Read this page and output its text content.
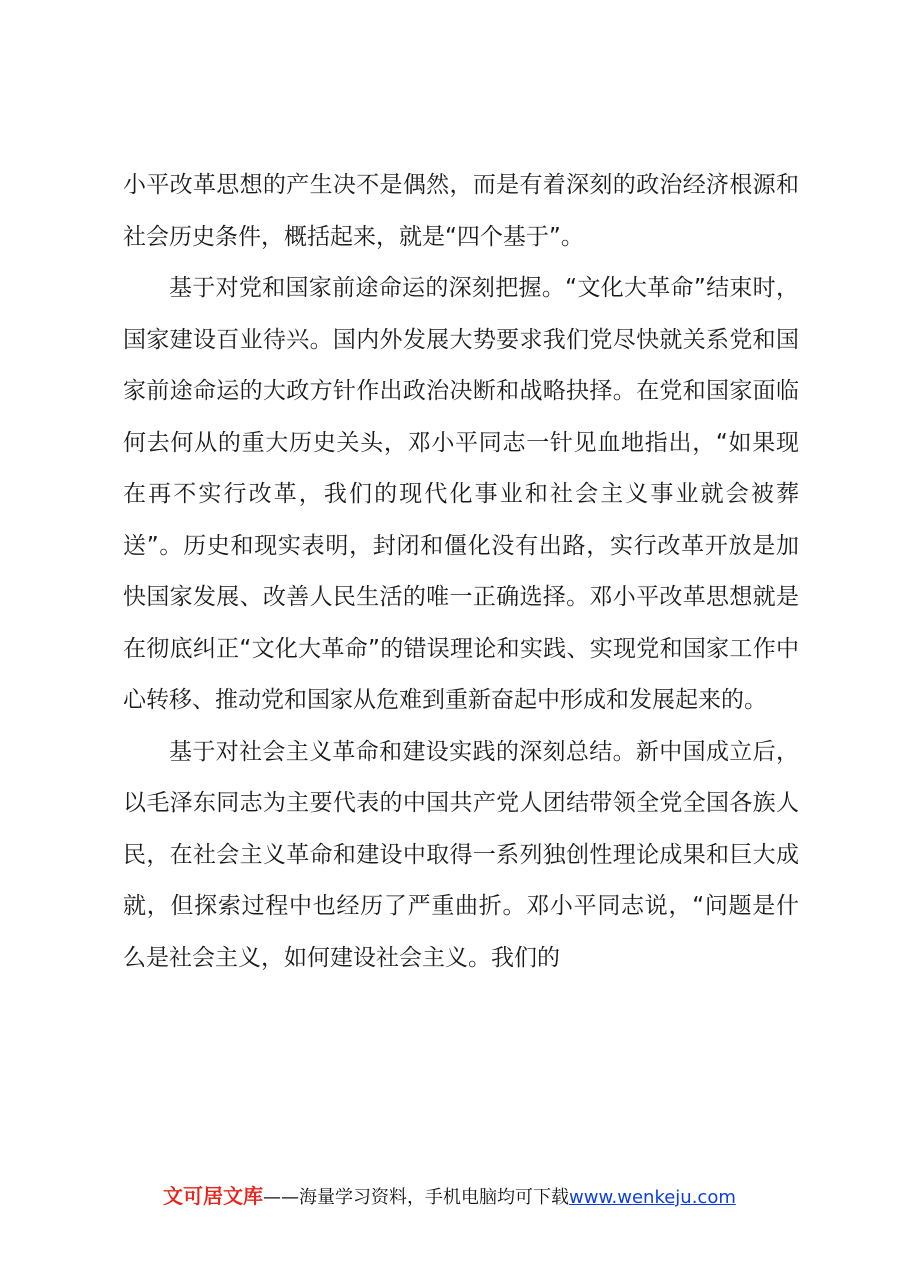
小平改革思想的产生决不是偶然，而是有着深刻的政治经济根源和社会历史条件，概括起来，就是“四个基于”。

基于对党和国家前途命运的深刻把握。“文化大革命”结束时，国家建设百业待兴。国内外发展大势要求我们党尽快就关系党和国家前途命运的大政方针作出政治决断和战略抉择。在党和国家面临何去何从的重大历史关头，邓小平同志一针见血地指出，“如果现在再不实行改革，我们的现代化事业和社会主义事业就会被葬送”。历史和现实表明，封闭和僵化没有出路，实行改革开放是加快国家发展、改善人民生活的唯一正确选择。邓小平改革思想就是在彻底纠正“文化大革命”的错误理论和实践、实现党和国家工作中心转移、推动党和国家从危难到重新奋起中形成和发展起来的。

基于对社会主义革命和建设实践的深刻总结。新中国成立后，以毛泽东同志为主要代表的中国共产党人团结带领全党全国各族人民，在社会主义革命和建设中取得一系列独创性理论成果和巨大成就，但探索过程中也经历了严重曲折。邓小平同志说，“问题是什么是社会主义，如何建设社会主义。我们的

文可居文库——海量学习资料，手机电脑均可下载www.wenkeju.com
